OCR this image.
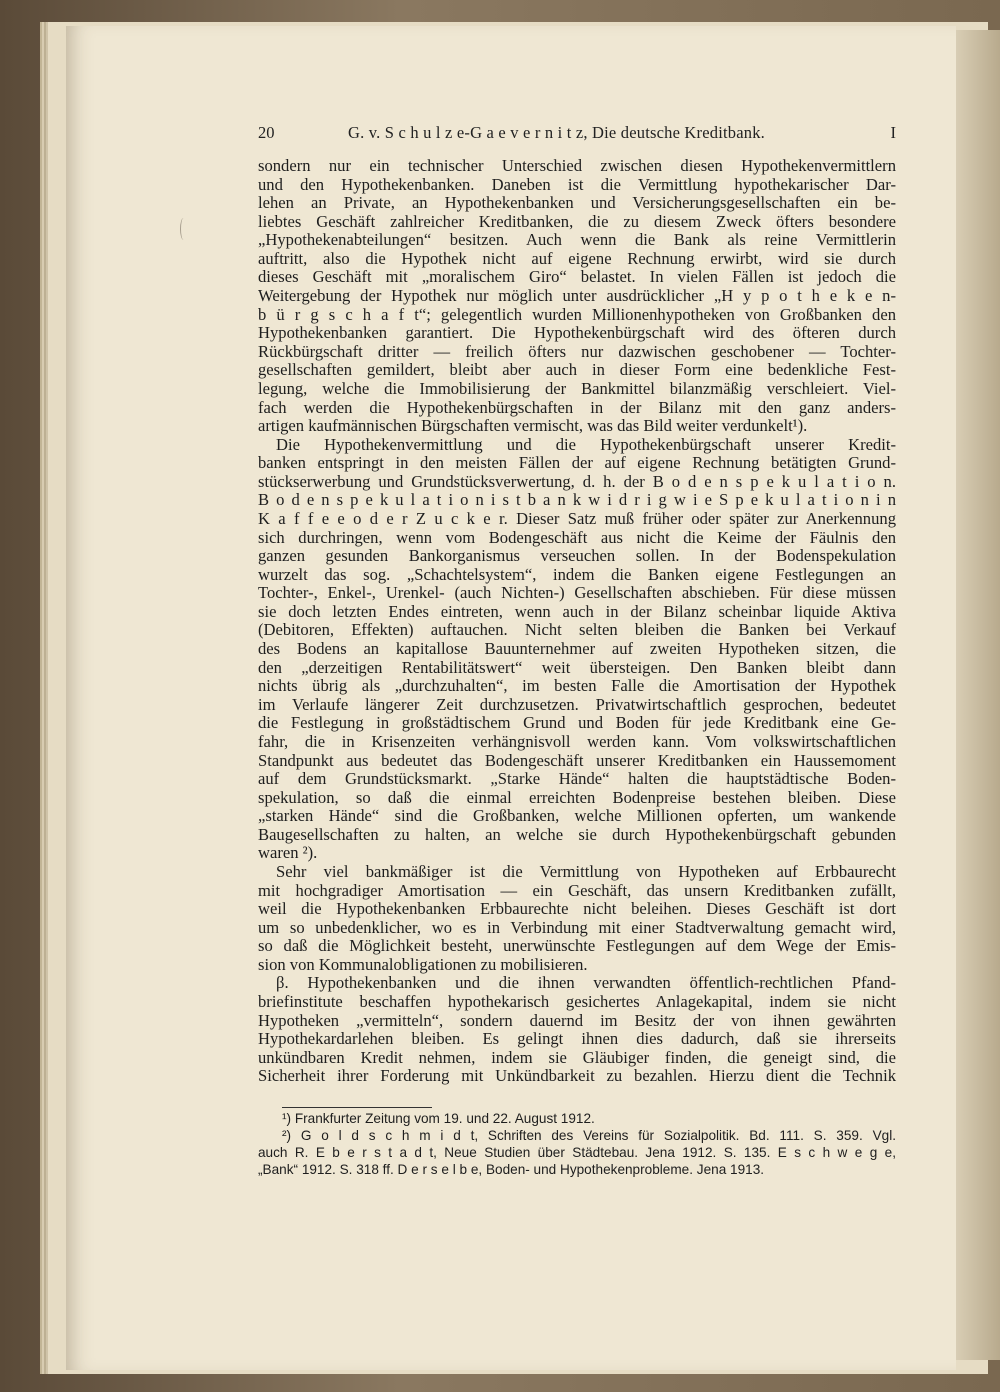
20	G. v. S c h u l z e-G a e v e r n i t z, Die deutsche Kreditbank.	I
sondern nur ein technischer Unterschied zwischen diesen Hypothekenvermittlern
und den Hypothekenbanken. Daneben ist die Vermittlung hypothekarischer Dar-
lehen an Private, an Hypothekenbanken und Versicherungsgesellschaften ein be-
liebtes Geschäft zahlreicher Kreditbanken, die zu diesem Zweck öfters besondere
„Hypothekenabteilungen“ besitzen. Auch wenn die Bank als reine Vermittlerin
auftritt, also die Hypothek nicht auf eigene Rechnung erwirbt, wird sie durch
dieses Geschäft mit „moralischem Giro“ belastet. In vielen Fällen ist jedoch die
Weitergebung der Hypothek nur möglich unter ausdrücklicher „H y p o t h e k e n-
b ü r g s c h a f t“; gelegentlich wurden Millionenhypotheken von Großbanken den
Hypothekenbanken garantiert. Die Hypothekenbürgschaft wird des öfteren durch
Rückbürgschaft dritter — freilich öfters nur dazwischen geschobener — Tochter-
gesellschaften gemildert, bleibt aber auch in dieser Form eine bedenkliche Fest-
legung, welche die Immobilisierung der Bankmittel bilanzmäßig verschleiert. Viel-
fach werden die Hypothekenbürgschaften in der Bilanz mit den ganz anders-
artigen kaufmännischen Bürgschaften vermischt, was das Bild weiter verdunkelt¹).
Die Hypothekenvermittlung und die Hypothekenbürgschaft unserer Kredit-
banken entspringt in den meisten Fällen der auf eigene Rechnung betätigten Grund-
stückserwerbung und Grundstücksverwertung, d. h. der B o d e n s p e k u l a t i o n.
B o d e n s p e k u l a t i o n i s t b a n k w i d r i g w i e S p e k u l a t i o n i n
K a f f e e o d e r Z u c k e r. Dieser Satz muß früher oder später zur Anerkennung
sich durchringen, wenn vom Bodengeschäft aus nicht die Keime der Fäulnis den
ganzen gesunden Bankorganismus verseuchen sollen. In der Bodenspekulation
wurzelt das sog. „Schachtelsystem“, indem die Banken eigene Festlegungen an
Tochter-, Enkel-, Urenkel- (auch Nichten-) Gesellschaften abschieben. Für diese müssen
sie doch letzten Endes eintreten, wenn auch in der Bilanz scheinbar liquide Aktiva
(Debitoren, Effekten) auftauchen. Nicht selten bleiben die Banken bei Verkauf
des Bodens an kapitallose Bauunternehmer auf zweiten Hypotheken sitzen, die
den „derzeitigen Rentabilitätswert“ weit übersteigen. Den Banken bleibt dann
nichts übrig als „durchzuhalten“, im besten Falle die Amortisation der Hypothek
im Verlaufe längerer Zeit durchzusetzen. Privatwirtschaftlich gesprochen, bedeutet
die Festlegung in großstädtischem Grund und Boden für jede Kreditbank eine Ge-
fahr, die in Krisenzeiten verhängnisvoll werden kann. Vom volkswirtschaftlichen
Standpunkt aus bedeutet das Bodengeschäft unserer Kreditbanken ein Haussemoment
auf dem Grundstücksmarkt. „Starke Hände“ halten die hauptstädtische Boden-
spekulation, so daß die einmal erreichten Bodenpreise bestehen bleiben. Diese
„starken Hände“ sind die Großbanken, welche Millionen opferten, um wankende
Baugesellschaften zu halten, an welche sie durch Hypothekenbürgschaft gebunden
waren ²).
Sehr viel bankmäßiger ist die Vermittlung von Hypotheken auf Erbbaurecht
mit hochgradiger Amortisation — ein Geschäft, das unsern Kreditbanken zufällt,
weil die Hypothekenbanken Erbbaurechte nicht beleihen. Dieses Geschäft ist dort
um so unbedenklicher, wo es in Verbindung mit einer Stadtverwaltung gemacht wird,
so daß die Möglichkeit besteht, unerwünschte Festlegungen auf dem Wege der Emis-
sion von Kommunalobligationen zu mobilisieren.
β. Hypothekenbanken und die ihnen verwandten öffentlich-rechtlichen Pfand-
briefinstitute beschaffen hypothekarisch gesichertes Anlagekapital, indem sie nicht
Hypotheken „vermitteln“, sondern dauernd im Besitz der von ihnen gewährten
Hypothekardarlehen bleiben. Es gelingt ihnen dies dadurch, daß sie ihrerseits
unkündbaren Kredit nehmen, indem sie Gläubiger finden, die geneigt sind, die
Sicherheit ihrer Forderung mit Unkündbarkeit zu bezahlen. Hierzu dient die Technik
¹) Frankfurter Zeitung vom 19. und 22. August 1912.
²) G o l d s c h m i d t, Schriften des Vereins für Sozialpolitik. Bd. 111. S. 359. Vgl.
auch R. E b e r s t a d t, Neue Studien über Städtebau. Jena 1912. S. 135. E s c h w e g e,
„Bank“ 1912. S. 318 ff. D e r s e l b e, Boden- und Hypothekenprobleme. Jena 1913.
